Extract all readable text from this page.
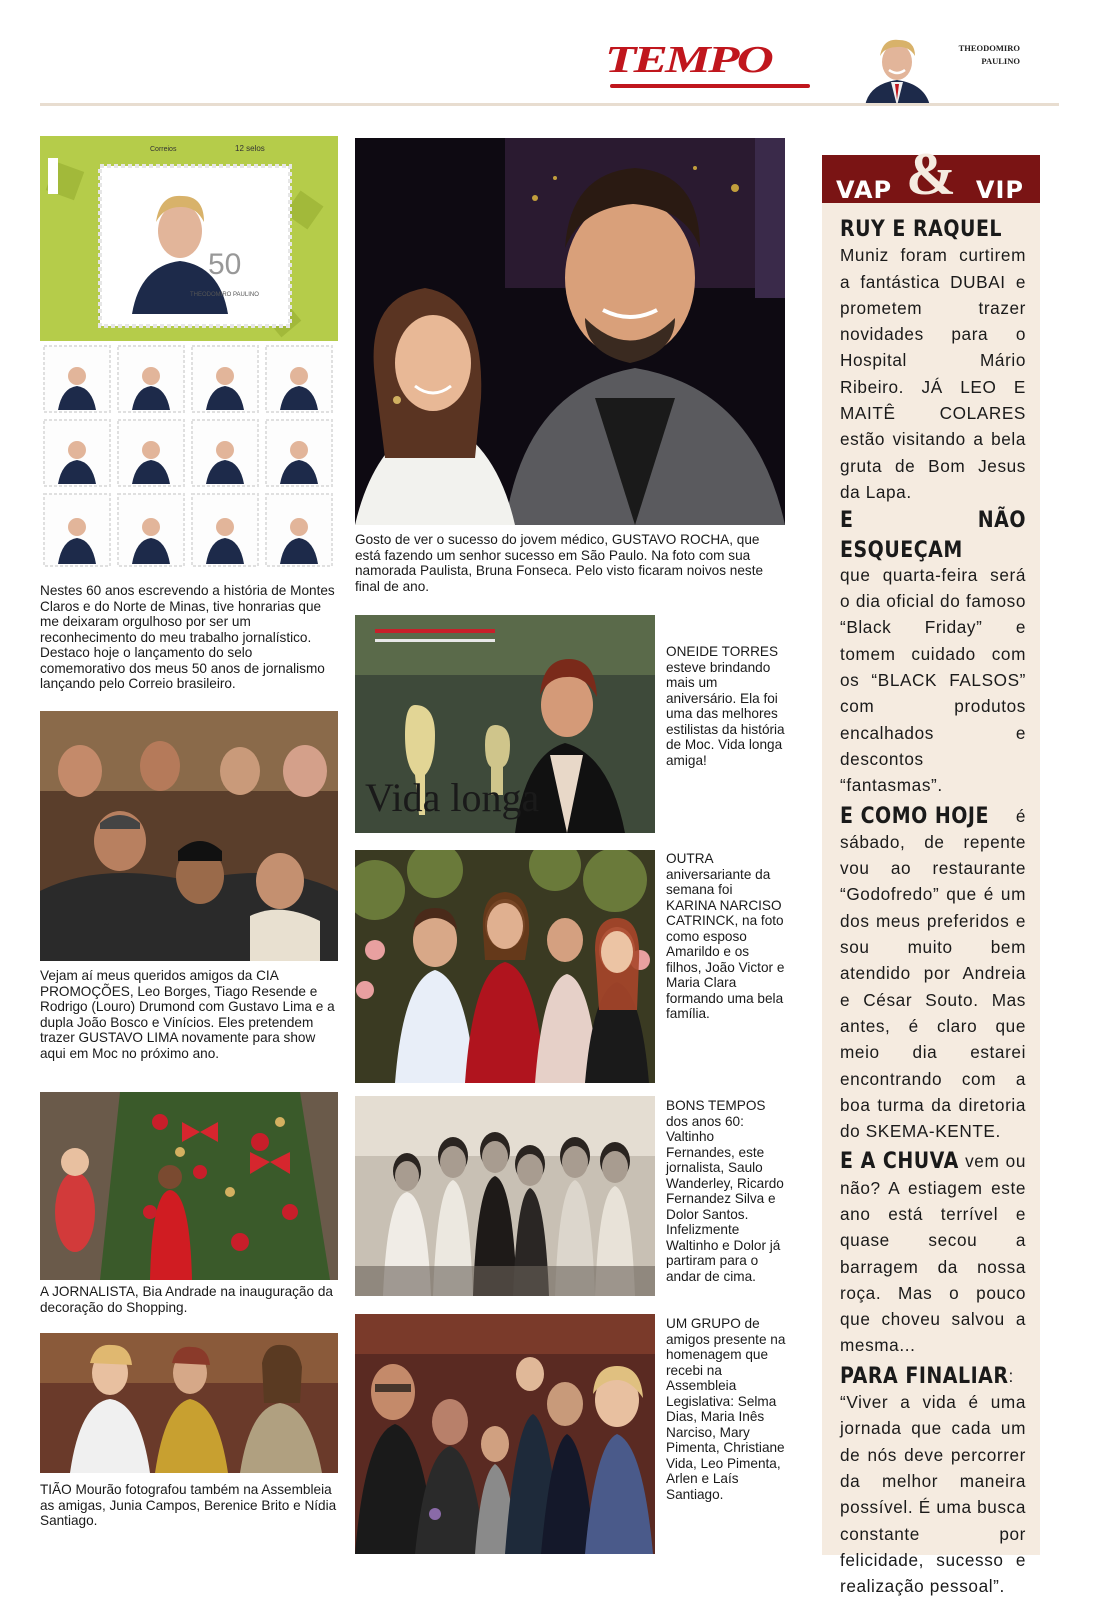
TEMPO	THEODOMIRO
PAULINO
Correios	12 selos
50
THEODOMIRO PAULINO
Nestes 60 anos escrevendo a história de Montes Claros e do Norte de Minas, tive honrarias que me deixaram orgulhoso por ser um reconhecimento do meu trabalho jornalístico. Destaco hoje o lançamento do selo comemorativo dos meus 50 anos de jornalismo lançando pelo Correio brasileiro.
Vejam aí meus queridos amigos da CIA PROMOÇÕES, Leo Borges, Tiago Resende e Rodrigo (Louro) Drumond com Gustavo Lima e a dupla João Bosco e Vinícios. Eles pretendem trazer GUSTAVO LIMA novamente para show aqui em Moc no próximo ano.
A JORNALISTA, Bia Andrade na inauguração da decoração do Shopping.
TIÃO Mourão fotografou também na Assembleia as amigas, Junia Campos, Berenice Brito e Nídia Santiago.
Gosto de ver o sucesso do jovem médico, GUSTAVO ROCHA, que está fazendo um senhor sucesso em São Paulo. Na foto com sua namorada Paulista, Bruna Fonseca. Pelo visto ficaram noivos neste final de ano.
Vida longa
ONEIDE TORRES esteve brindando mais um aniversário. Ela foi uma das melhores estilistas da história de Moc. Vida longa amiga!
OUTRA aniversariante da semana foi KARINA NARCISO CATRINCK, na foto como esposo Amarildo e os filhos, João Victor e Maria Clara formando uma bela família.
BONS TEMPOS dos anos 60: Valtinho Fernandes, este jornalista, Saulo Wanderley, Ricardo Fernandez Silva e Dolor Santos. Infelizmente Waltinho e Dolor já partiram para o andar de cima.
UM GRUPO de amigos presente na homenagem que recebi na Assembleia Legislativa: Selma Dias, Maria Inês Narciso, Mary Pimenta, Christiane Vida, Leo Pimenta, Arlen e Laís Santiago.
VAP & VIP

RUY E RAQUEL Muniz foram curtirem a fantástica DUBAI e prometem trazer novidades para o Hospital Mário Ribeiro. JÁ LEO E MAITÊ COLARES estão visitando a bela gruta de Bom Jesus da Lapa.

E NÃO ESQUEÇAM que quarta-feira será o dia oficial do famoso “Black Friday” e tomem cuidado com os “BLACK FALSOS” com produtos encalhados e descontos “fantasmas”.

E COMO HOJE é sábado, de repente vou ao restaurante “Godofredo” que é um dos meus preferidos e sou muito bem atendido por Andreia e César Souto. Mas antes, é claro que meio dia estarei encontrando com a boa turma da diretoria do SKEMA-KENTE.

E A CHUVA vem ou não? A estiagem este ano está terrível e quase secou a barragem da nossa roça. Mas o pouco que choveu salvou a mesma...

PARA FINALIAR: “Viver a vida é uma jornada que cada um de nós deve percorrer da melhor maneira possível. É uma busca constante por felicidade, sucesso e realização pessoal”.
